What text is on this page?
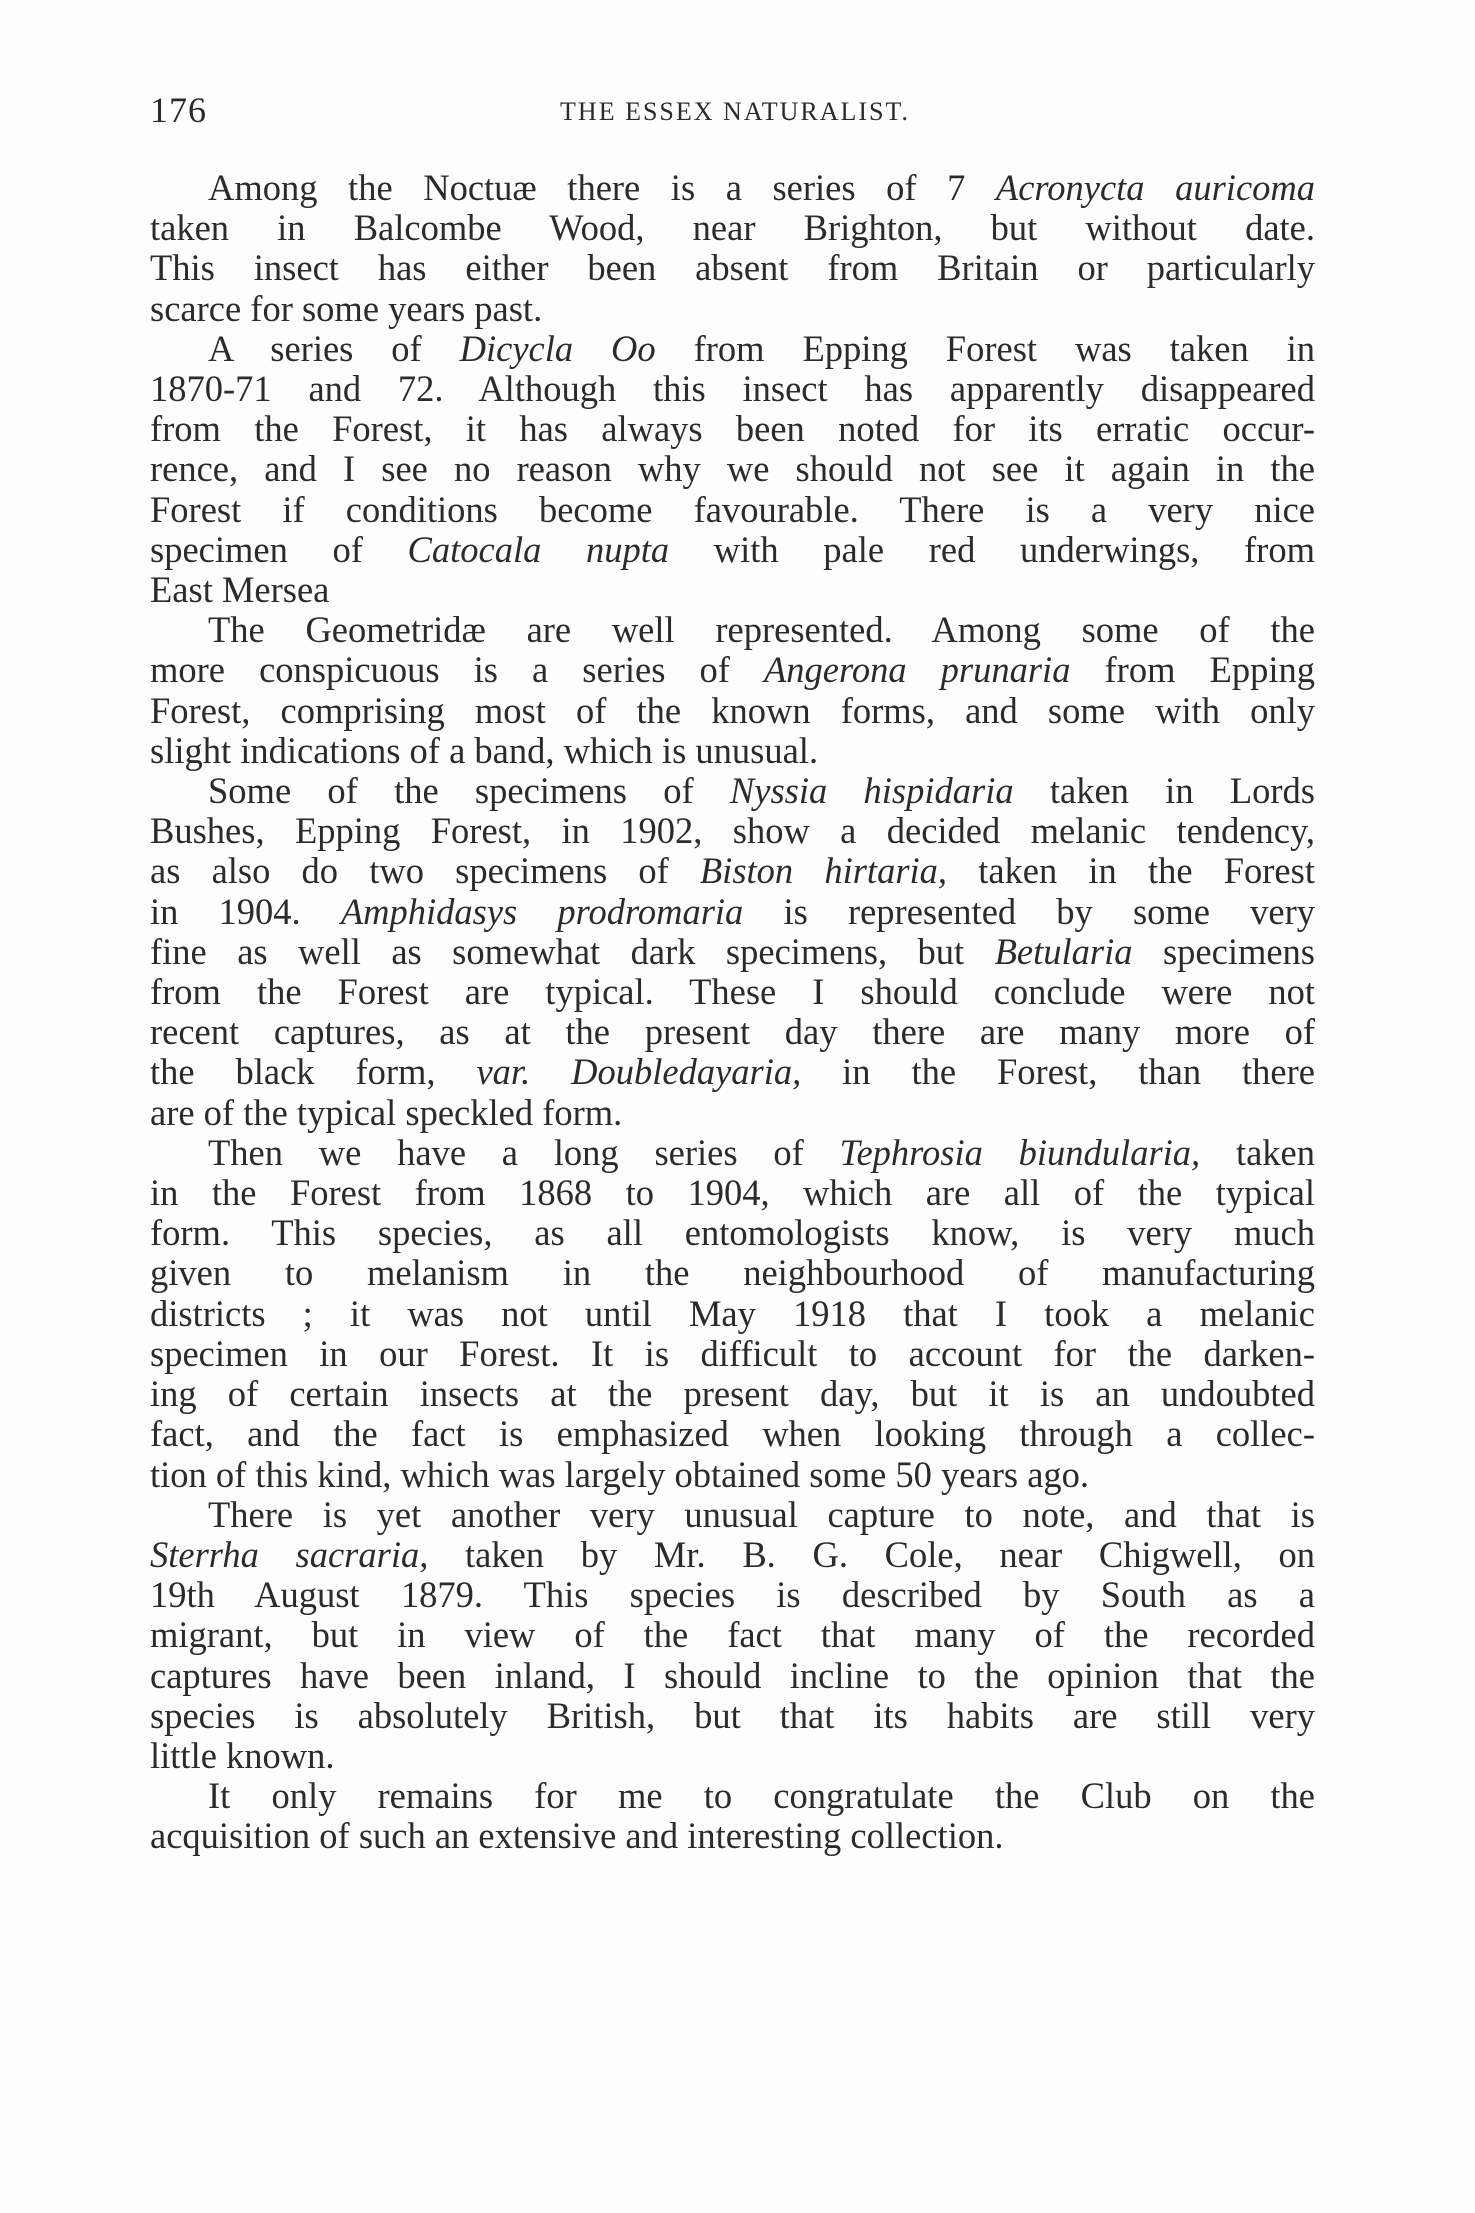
176	THE ESSEX NATURALIST.
Among the Noctuæ there is a series of 7 Acronycta auricoma
taken in Balcombe Wood, near Brighton, but without date.
This insect has either been absent from Britain or particularly
scarce for some years past.
A series of Dicycla Oo from Epping Forest was taken in
1870-71 and 72. Although this insect has apparently disappeared
from the Forest, it has always been noted for its erratic occur-
rence, and I see no reason why we should not see it again in the
Forest if conditions become favourable. There is a very nice
specimen of Catocala nupta with pale red underwings, from
East Mersea
The Geometridæ are well represented. Among some of the
more conspicuous is a series of Angerona prunaria from Epping
Forest, comprising most of the known forms, and some with only
slight indications of a band, which is unusual.
Some of the specimens of Nyssia hispidaria taken in Lords
Bushes, Epping Forest, in 1902, show a decided melanic tendency,
as also do two specimens of Biston hirtaria, taken in the Forest
in 1904. Amphidasys prodromaria is represented by some very
fine as well as somewhat dark specimens, but Betularia specimens
from the Forest are typical. These I should conclude were not
recent captures, as at the present day there are many more of
the black form, var. Doubledayaria, in the Forest, than there
are of the typical speckled form.
Then we have a long series of Tephrosia biundularia, taken
in the Forest from 1868 to 1904, which are all of the typical
form. This species, as all entomologists know, is very much
given to melanism in the neighbourhood of manufacturing
districts ; it was not until May 1918 that I took a melanic
specimen in our Forest. It is difficult to account for the darken-
ing of certain insects at the present day, but it is an undoubted
fact, and the fact is emphasized when looking through a collec-
tion of this kind, which was largely obtained some 50 years ago.
There is yet another very unusual capture to note, and that is
Sterrha sacraria, taken by Mr. B. G. Cole, near Chigwell, on
19th August 1879. This species is described by South as a
migrant, but in view of the fact that many of the recorded
captures have been inland, I should incline to the opinion that the
species is absolutely British, but that its habits are still very
little known.
It only remains for me to congratulate the Club on the
acquisition of such an extensive and interesting collection.
